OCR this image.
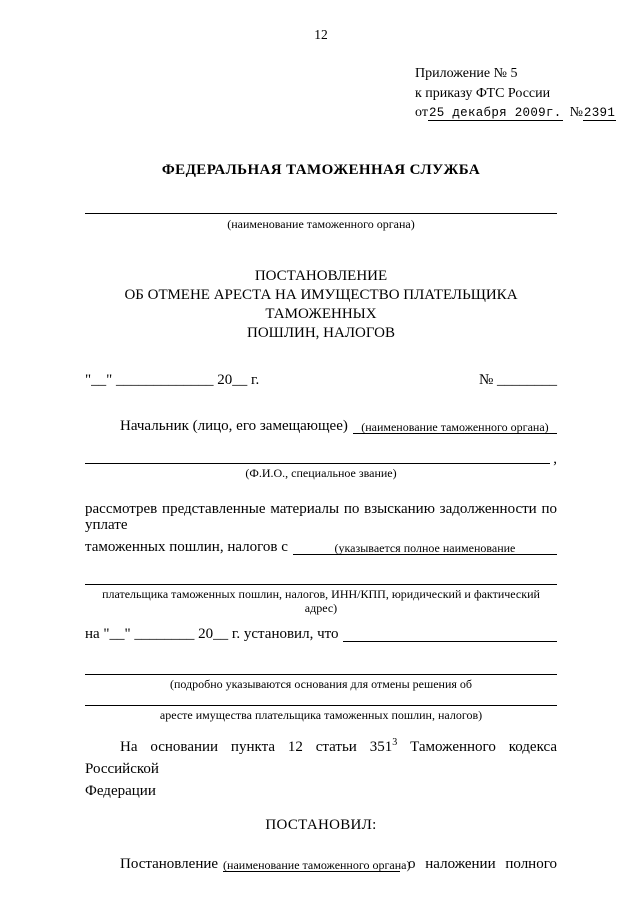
12
Приложение № 5
к приказу ФТС России
от25 декабря 2009г. №2391
ФЕДЕРАЛЬНАЯ ТАМОЖЕННАЯ СЛУЖБА
(наименование таможенного органа)
ПОСТАНОВЛЕНИЕ
ОБ ОТМЕНЕ АРЕСТА НА ИМУЩЕСТВО ПЛАТЕЛЬЩИКА ТАМОЖЕННЫХ
ПОШЛИН, НАЛОГОВ
"__" _____________ 20__ г.	№ ________
Начальник (лицо, его замещающее)	(наименование таможенного органа)
,
(Ф.И.О., специальное звание)
рассмотрев представленные материалы по взысканию задолженности по уплате
таможенных пошлин, налогов с	(указывается полное наименование
плательщика таможенных пошлин, налогов, ИНН/КПП, юридический и фактический адрес)
на "__" ________ 20__ г. установил, что
(подробно указываются основания для отмены решения об
аресте имущества плательщика таможенных пошлин, налогов)
На основании пункта 12 статьи 351$^3$ Таможенного кодекса Российской
Федерации
ПОСТАНОВИЛ:
Постановление (наименование таможенного органа)
о наложении полного
